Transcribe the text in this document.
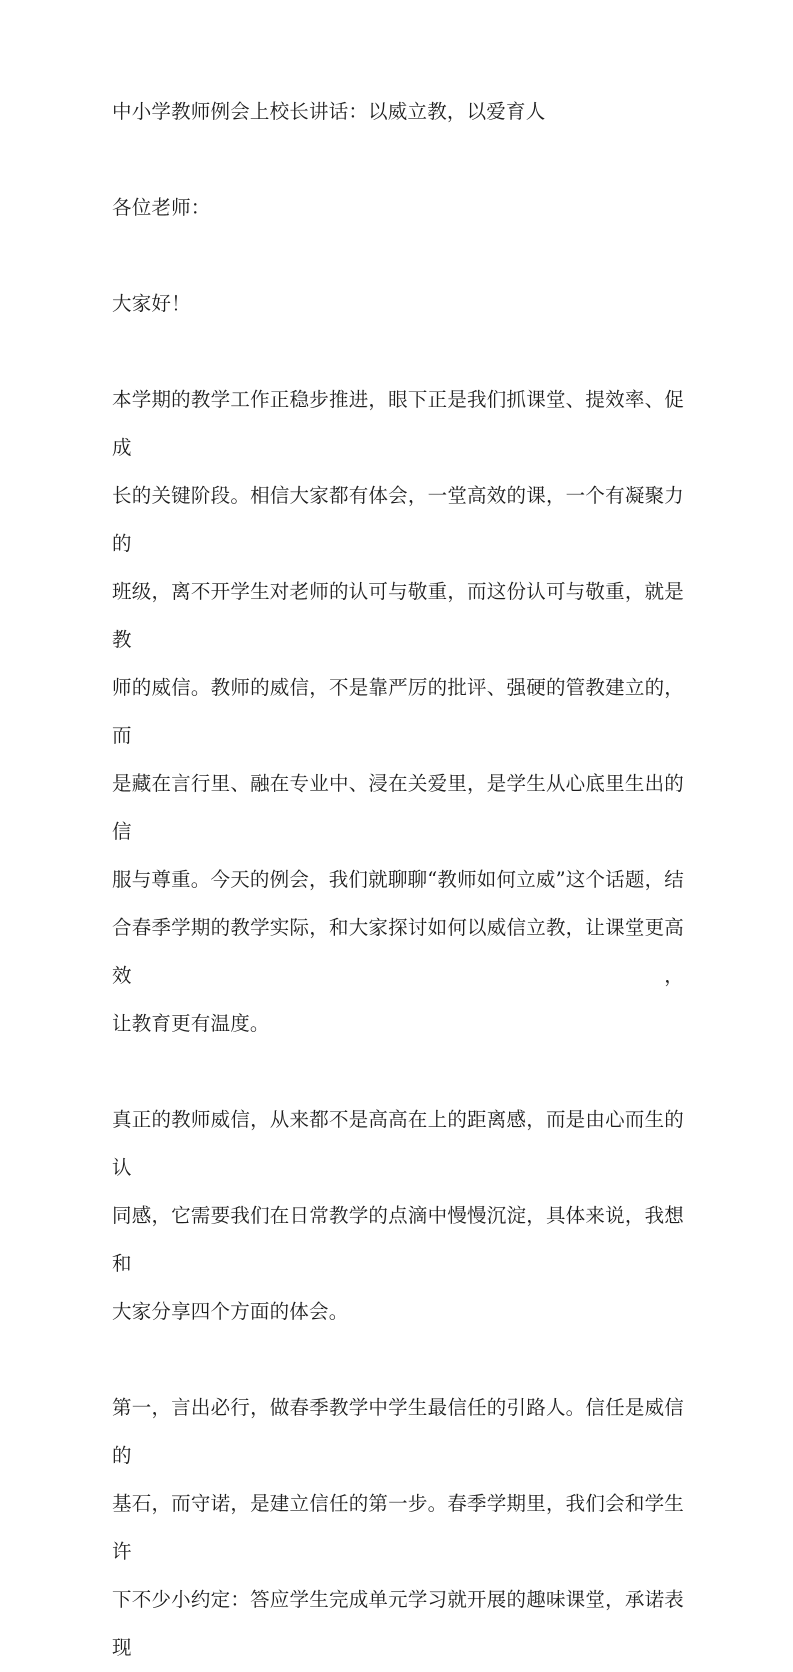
中小学教师例会上校长讲话：以威立教，以爱育人
各位老师：
大家好！
本学期的教学工作正稳步推进，眼下正是我们抓课堂、提效率、促成
长的关键阶段。相信大家都有体会，一堂高效的课，一个有凝聚力的
班级，离不开学生对老师的认可与敬重，而这份认可与敬重，就是教
师的威信。教师的威信，不是靠严厉的批评、强硬的管教建立的，而
是藏在言行里、融在专业中、浸在关爱里，是学生从心底里生出的信
服与尊重。今天的例会，我们就聊聊“教师如何立威”这个话题，结
合春季学期的教学实际，和大家探讨如何以威信立教，让课堂更高效，
让教育更有温度。
真正的教师威信，从来都不是高高在上的距离感，而是由心而生的认
同感，它需要我们在日常教学的点滴中慢慢沉淀，具体来说，我想和
大家分享四个方面的体会。
第一，言出必行，做春季教学中学生最信任的引路人。信任是威信的
基石，而守诺，是建立信任的第一步。春季学期里，我们会和学生许
下不少小约定：答应学生完成单元学习就开展的趣味课堂，承诺表现
